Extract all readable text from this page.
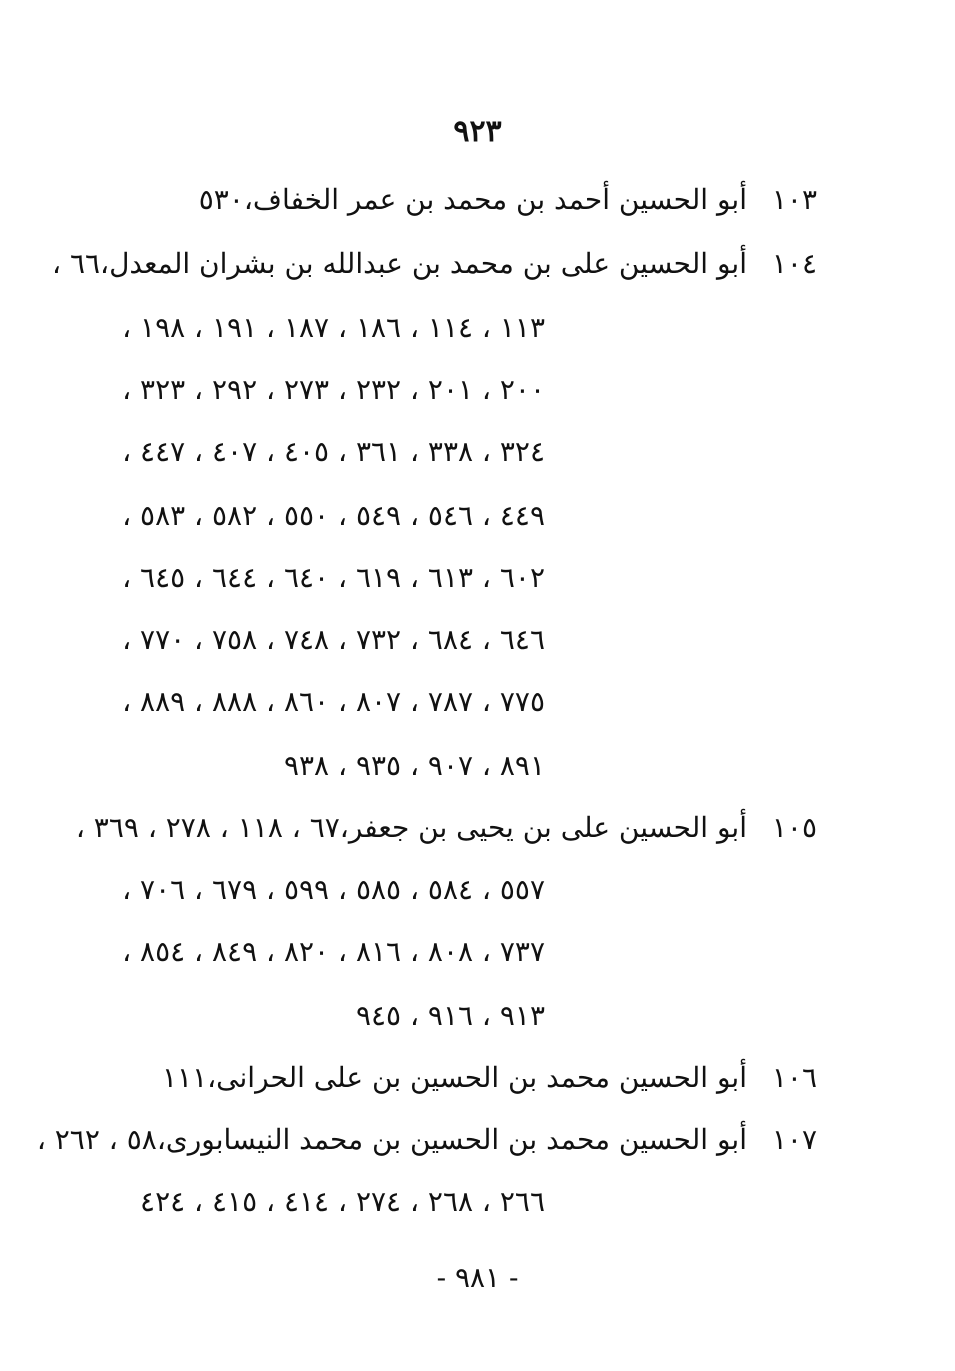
٩٢٣
١٠٣أبو الحسين أحمد بن محمد بن عمر الخفاف،٥٣٠
١٠٤أبو الحسين على بن محمد بن عبدالله بن بشران المعدل،٦٦ ،
١١٣ ، ١١٤ ، ١٨٦ ، ١٨٧ ، ١٩١ ، ١٩٨ ،
٢٠٠ ، ٢٠١ ، ٢٣٢ ، ٢٧٣ ، ٢٩٢ ، ٣٢٣ ،
٣٢٤ ، ٣٣٨ ، ٣٦١ ، ٤٠٥ ، ٤٠٧ ، ٤٤٧ ،
٤٤٩ ، ٥٤٦ ، ٥٤٩ ، ٥٥٠ ، ٥٨٢ ، ٥٨٣ ،
٦٠٢ ، ٦١٣ ، ٦١٩ ، ٦٤٠ ، ٦٤٤ ، ٦٤٥ ،
٦٤٦ ، ٦٨٤ ، ٧٣٢ ، ٧٤٨ ، ٧٥٨ ، ٧٧٠ ،
٧٧٥ ، ٧٨٧ ، ٨٠٧ ، ٨٦٠ ، ٨٨٨ ، ٨٨٩ ،
٨٩١ ، ٩٠٧ ، ٩٣٥ ، ٩٣٨
١٠٥أبو الحسين على بن يحيى بن جعفر،٦٧ ، ١١٨ ، ٢٧٨ ، ٣٦٩ ،
٥٥٧ ، ٥٨٤ ، ٥٨٥ ، ٥٩٩ ، ٦٧٩ ، ٧٠٦ ،
٧٣٧ ، ٨٠٨ ، ٨١٦ ، ٨٢٠ ، ٨٤٩ ، ٨٥٤ ،
٩١٣ ، ٩١٦ ، ٩٤٥
١٠٦أبو الحسين محمد بن الحسين بن على الحرانى،١١١
١٠٧أبو الحسين محمد بن الحسين بن محمد النيسابورى،٥٨ ، ٢٦٢ ،
٢٦٦ ، ٢٦٨ ، ٢٧٤ ، ٤١٤ ، ٤١٥ ، ٤٢٤
- ٩٨١ -
